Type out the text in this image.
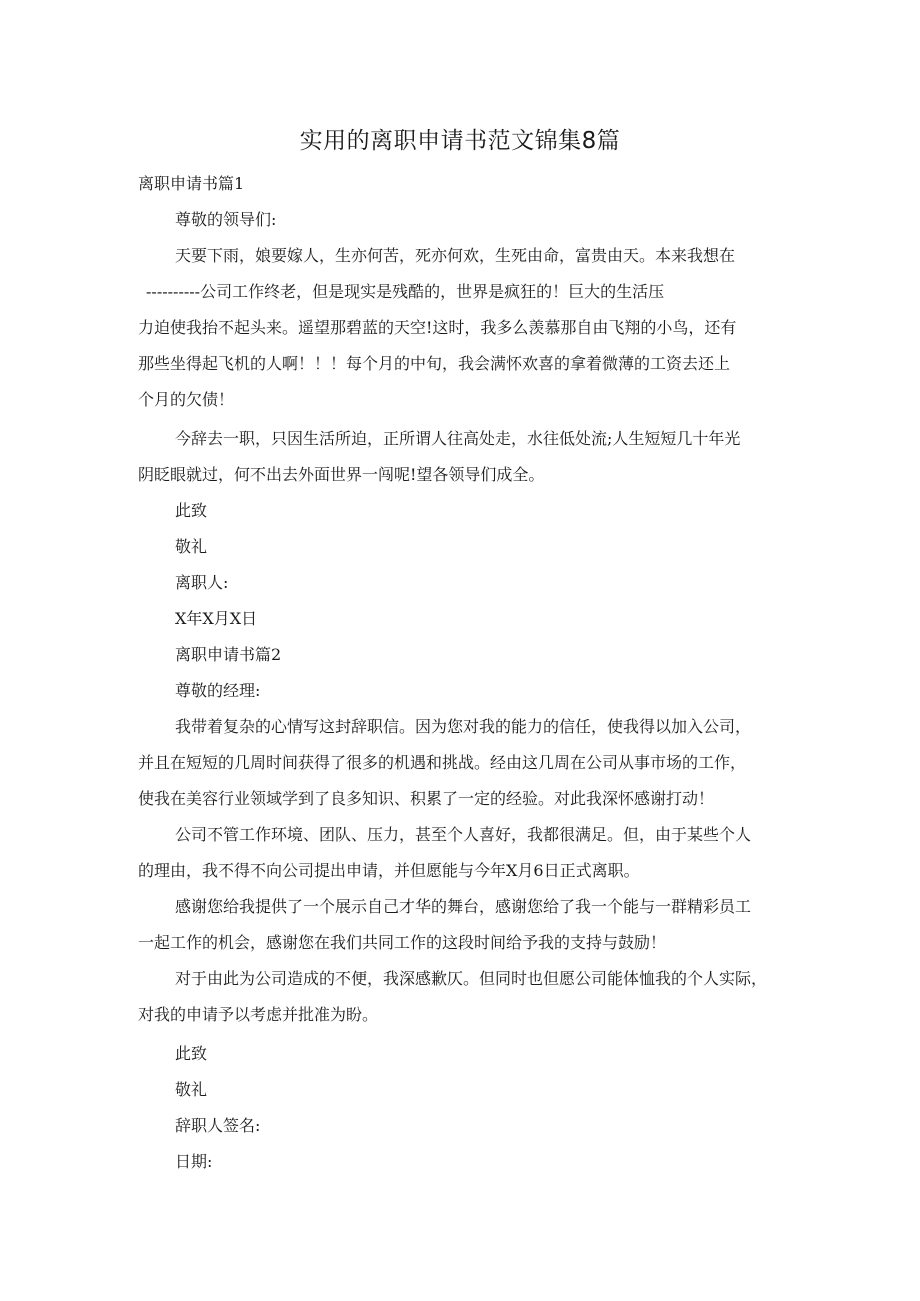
实用的离职申请书范文锦集8篇
离职申请书篇1
尊敬的领导们:
天要下雨，娘要嫁人，生亦何苦，死亦何欢，生死由命，富贵由天。本来我想在
----------公司工作终老，但是现实是残酷的，世界是疯狂的！巨大的生活压
力迫使我抬不起头来。遥望那碧蓝的天空!这时，我多么羡慕那自由飞翔的小鸟，还有
那些坐得起飞机的人啊！！！每个月的中旬，我会满怀欢喜的拿着微薄的工资去还上
个月的欠债！
今辞去一职，只因生活所迫，正所谓人往高处走，水往低处流;人生短短几十年光
阴眨眼就过，何不出去外面世界一闯呢!望各领导们成全。
此致
敬礼
离职人:
X年X月X日
离职申请书篇2
尊敬的经理:
我带着复杂的心情写这封辞职信。因为您对我的能力的信任，使我得以加入公司，
并且在短短的几周时间获得了很多的机遇和挑战。经由这几周在公司从事市场的工作，
使我在美容行业领域学到了良多知识、积累了一定的经验。对此我深怀感谢打动！
公司不管工作环境、团队、压力，甚至个人喜好，我都很满足。但，由于某些个人
的理由，我不得不向公司提出申请，并但愿能与今年X月6日正式离职。
感谢您给我提供了一个展示自己才华的舞台，感谢您给了我一个能与一群精彩员工
一起工作的机会，感谢您在我们共同工作的这段时间给予我的支持与鼓励！
对于由此为公司造成的不便，我深感歉仄。但同时也但愿公司能体恤我的个人实际，
对我的申请予以考虑并批准为盼。
此致
敬礼
辞职人签名:
日期:
